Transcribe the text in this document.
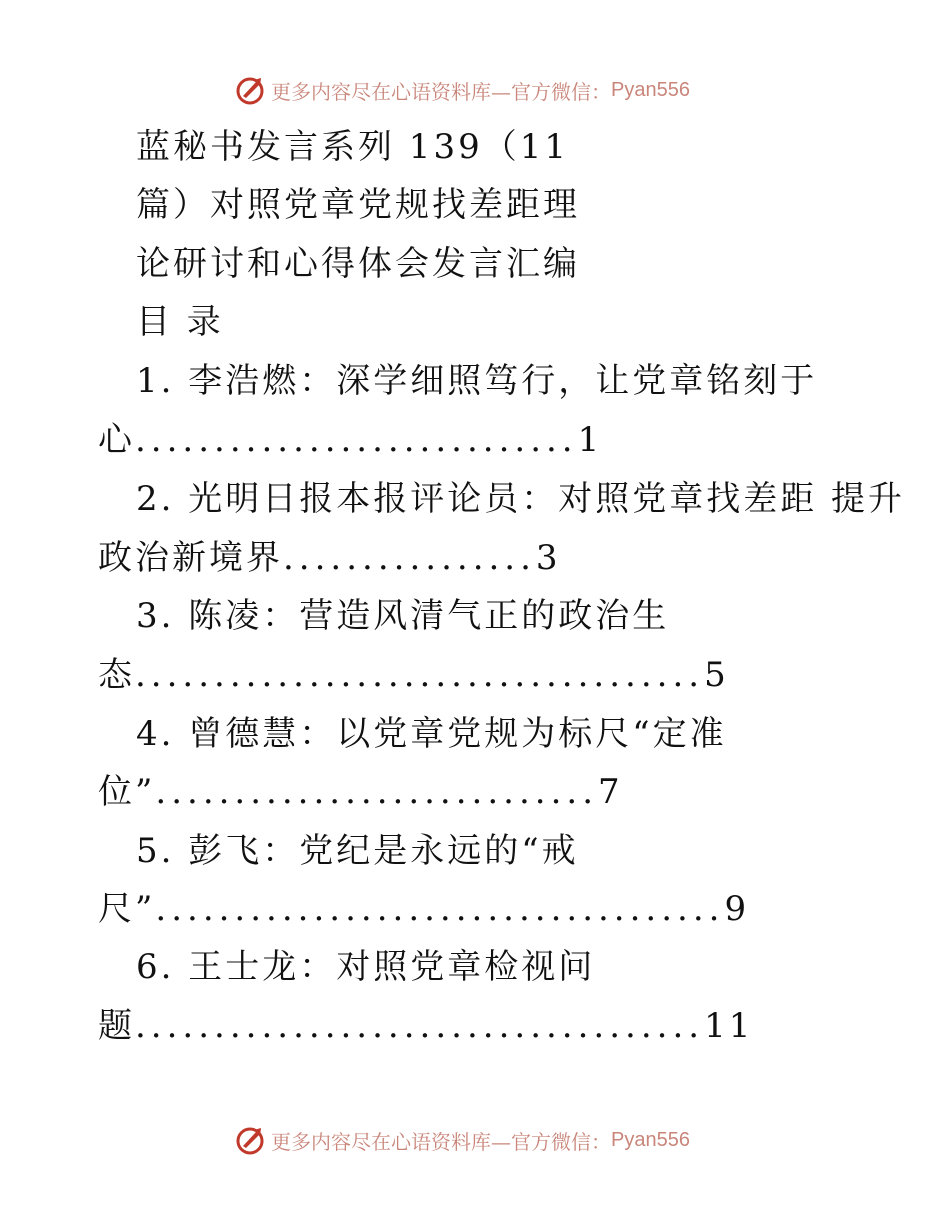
更多内容尽在心语资料库—官方微信： Pyan556
蓝秘书发言系列 139（11
篇）对照党章党规找差距理
论研讨和心得体会发言汇编
目 录
1. 李浩燃：深学细照笃行，让党章铭刻于
心............................1
2. 光明日报本报评论员：对照党章找差距 提升
政治新境界................3
3. 陈凌：营造风清气正的政治生
态....................................5
4. 曾德慧：以党章党规为标尺“定准
位”............................7
5. 彭飞：党纪是永远的“戒
尺”....................................9
6. 王士龙：对照党章检视问
题....................................11
更多内容尽在心语资料库—官方微信： Pyan556
